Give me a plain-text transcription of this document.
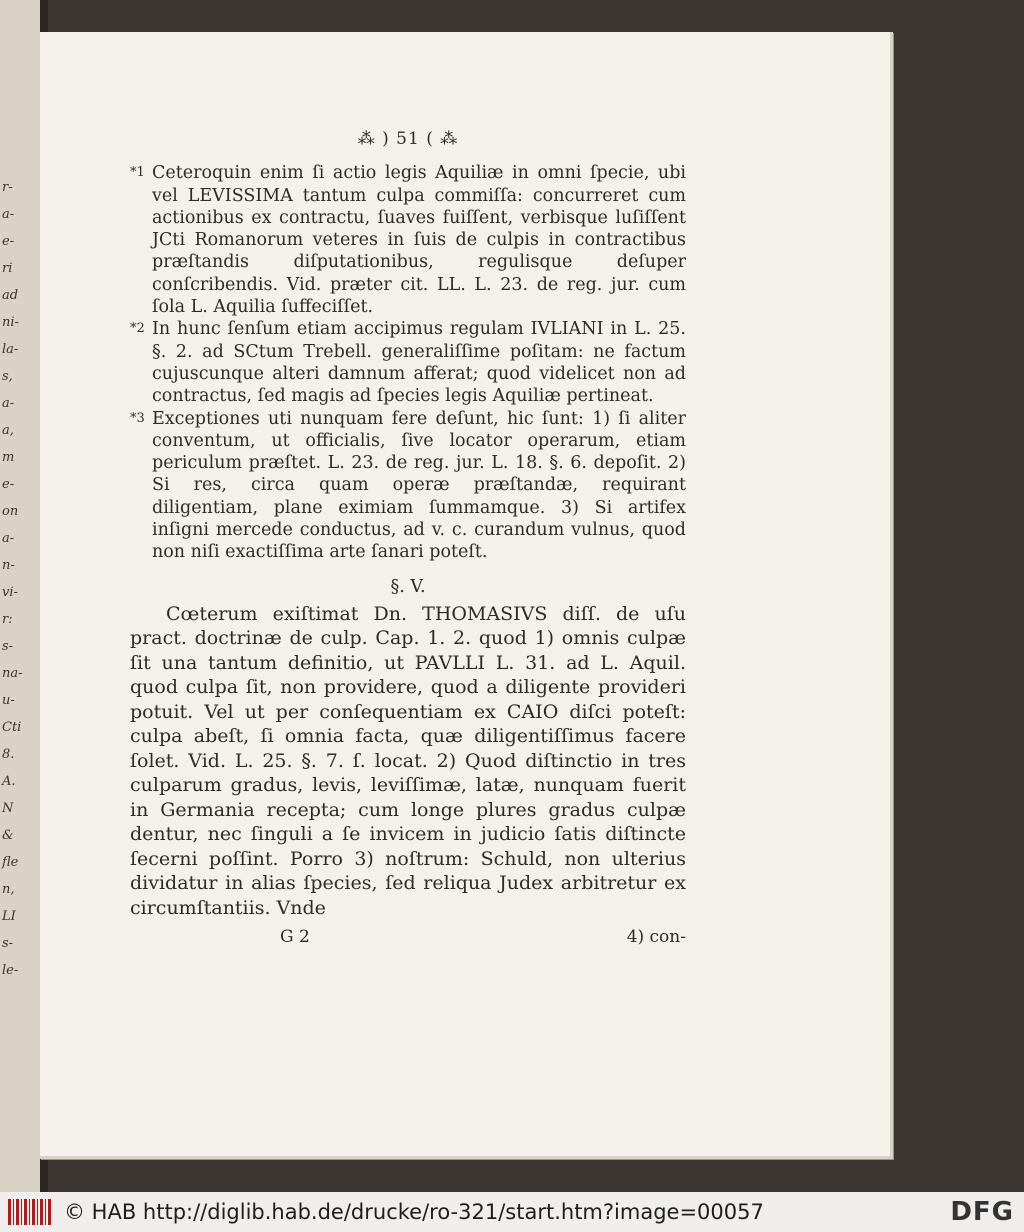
r-
a-
e-
ri
ad
ni-
la-
s,
a-
a,
m
e-
on
a-
n-
vi-
r:
s-
na-
u-
Cti
8.
A.
N
&
fle
n,
LI
s-
le-
⁂ ) 51 ( ⁂

*1 Ceteroquin enim ſi actio legis Aquiliæ in omni ſpecie, ubi vel LEVISSIMA tantum culpa commiſſa: concurreret cum actionibus ex contractu, ſuaves fuiſſent, verbisque luſiſſent JCti Romanorum veteres in ſuis de culpis in contractibus præſtandis diſputationibus, regulisque deſuper conſcribendis. Vid. præter cit. LL. L. 23. de reg. jur. cum ſola L. Aquilia ſuffeciſſet.

*2 In hunc ſenſum etiam accipimus regulam IVLIANI in L. 25. §. 2. ad SCtum Trebell. generaliſſime poſitam: ne factum cujuscunque alteri damnum afferat; quod videlicet non ad contractus, ſed magis ad ſpecies legis Aquiliæ pertineat.

*3 Exceptiones uti nunquam fere deſunt, hic ſunt: 1) ſi aliter conventum, ut officialis, ſive locator operarum, etiam periculum præſtet. L. 23. de reg. jur. L. 18. §. 6. depoſit. 2) Si res, circa quam operæ præſtandæ, requirant diligentiam, plane eximiam ſummamque. 3) Si artifex inſigni mercede conductus, ad v. c. curandum vulnus, quod non niſi exactiſſima arte ſanari poteſt.

§. V.

Cœterum exiſtimat Dn. THOMASIVS diſſ. de uſu pract. doctrinæ de culp. Cap. 1. 2. quod 1) omnis culpæ ſit una tantum definitio, ut PAVLLI L. 31. ad L. Aquil. quod culpa ſit, non providere, quod a diligente provideri potuit. Vel ut per conſequentiam ex CAIO diſci poteſt: culpa abeſt, ſi omnia facta, quæ diligentiſſimus facere ſolet. Vid. L. 25. §. 7. ſ. locat. 2) Quod diſtinctio in tres culparum gradus, levis, leviſſimæ, latæ, nunquam fuerit in Germania recepta; cum longe plures gradus culpæ dentur, nec ſinguli a ſe invicem in judicio ſatis diſtincte ſecerni poſſint. Porro 3) noſtrum: Schuld, non ulterius dividatur in alias ſpecies, ſed reliqua Judex arbitretur ex circumſtantiis. Vnde

G 2	4) con-
© HAB http://diglib.hab.de/drucke/ro-321/start.htm?image=00057	DFG
